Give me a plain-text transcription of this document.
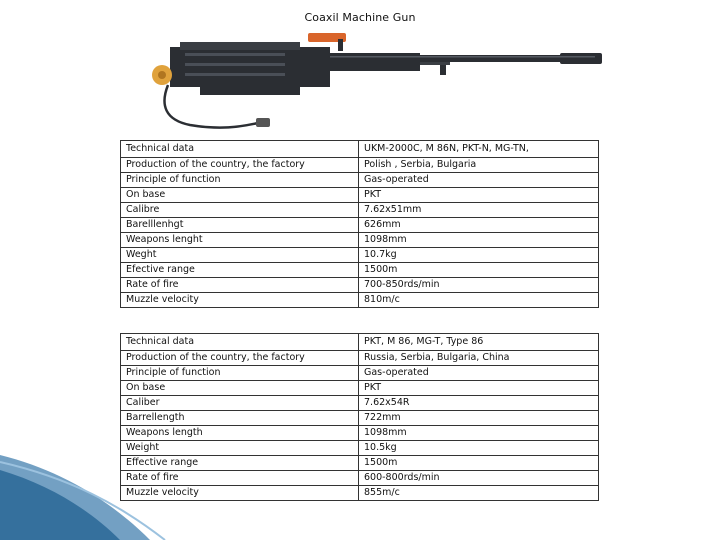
Coaxil Machine Gun
Technical data	UKM-2000C, M 86N, PKT-N, MG-TN,
Production of the country, the factory	Polish , Serbia, Bulgaria
Principle of function	Gas-operated
On base	PKT
Calibre	7.62x51mm
Barelllenhgt	626mm
Weapons lenght	1098mm
Weght	10.7kg
Efective range	1500m
Rate of fire	700-850rds/min
Muzzle velocity	810m/c
Technical data	PKT, M 86, MG-T, Type 86
Production of the country, the factory	Russia, Serbia, Bulgaria, China
Principle of function	Gas-operated
On base	PKT
Caliber	7.62x54R
Barrellength	722mm
Weapons length	1098mm
Weight	10.5kg
Effective range	1500m
Rate of fire	600-800rds/min
Muzzle velocity	855m/c
